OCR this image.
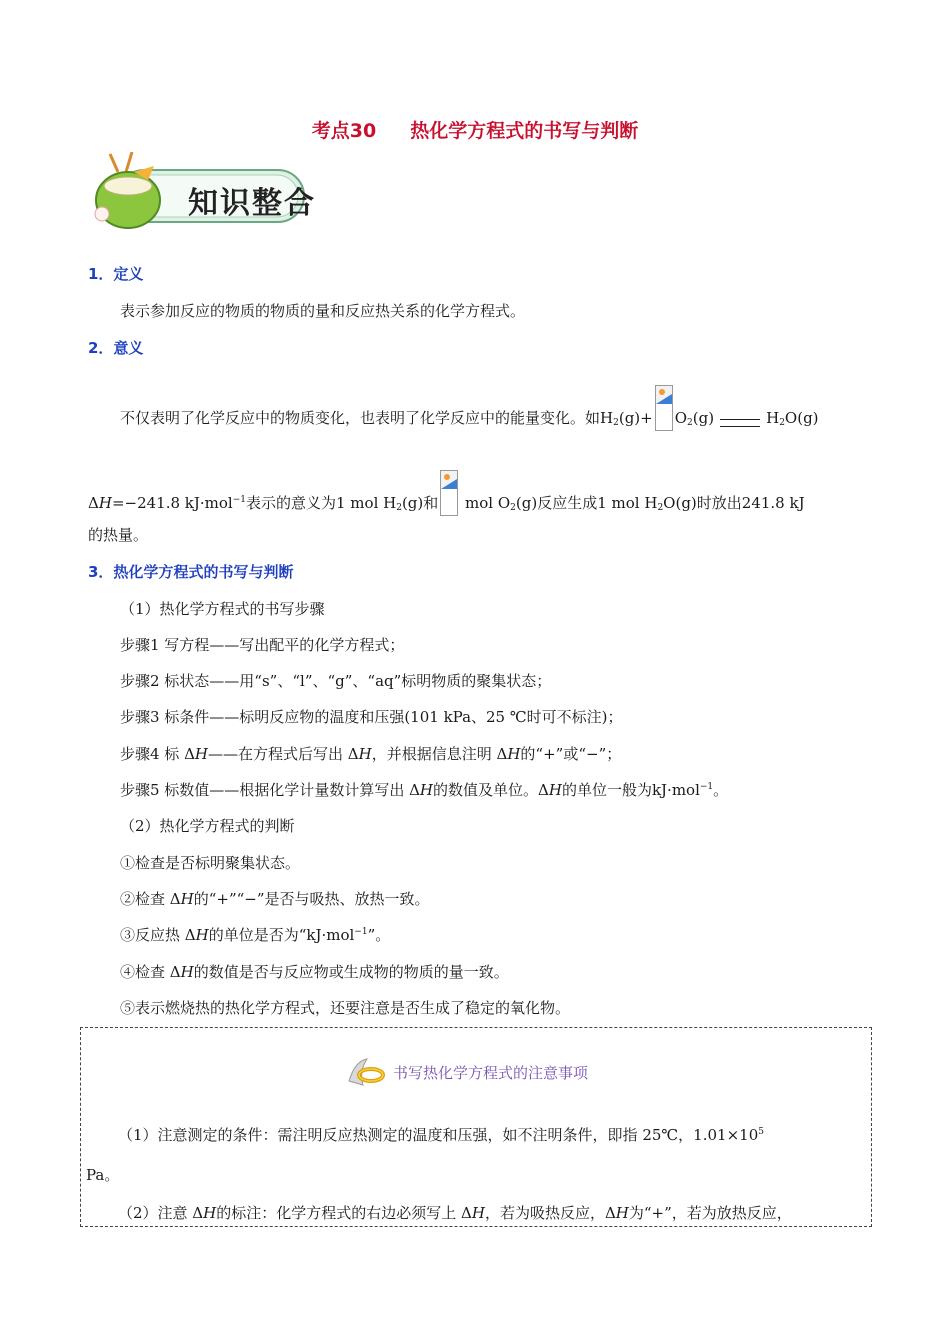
考点30 热化学方程式的书写与判断
知识整合
1．定义
表示参加反应的物质的物质的量和反应热关系的化学方程式。
2．意义
不仅表明了化学反应中的物质变化，也表明了化学反应中的能量变化。如$H_2(g)+ O_2(g)$	$H_2O(g)$
ΔH=−241.8 kJ·mol$^{-1}$表示的意义为1 mol $H_2(g)$和 mol $O_2(g)$反应生成1 mol $H_2O(g)$时放出241.8 kJ
的热量。
3．热化学方程式的书写与判断
（1）热化学方程式的书写步骤
步骤1 写方程——写出配平的化学方程式；
步骤2 标状态——用“s”、“l”、“g”、“aq”标明物质的聚集状态；
步骤3 标条件——标明反应物的温度和压强(101 kPa、25 ℃时可不标注)；
步骤4 标 ΔH——在方程式后写出 ΔH，并根据信息注明 ΔH的“+”或“−”；
步骤5 标数值——根据化学计量数计算写出 ΔH的数值及单位。ΔH的单位一般为kJ·mol$^{-1}$。
（2）热化学方程式的判断
①检查是否标明聚集状态。
②检查 ΔH的“+”“−”是否与吸热、放热一致。
③反应热 ΔH的单位是否为“kJ·mol$^{-1}$”。
④检查 ΔH的数值是否与反应物或生成物的物质的量一致。
⑤表示燃烧热的热化学方程式，还要注意是否生成了稳定的氧化物。
书写热化学方程式的注意事项
（1）注意测定的条件：需注明反应热测定的温度和压强，如不注明条件，即指 25℃，$1.01\times 10^5$
Pa。
（2）注意 ΔH的标注：化学方程式的右边必须写上 ΔH，若为吸热反应，ΔH为“+”，若为放热反应，
